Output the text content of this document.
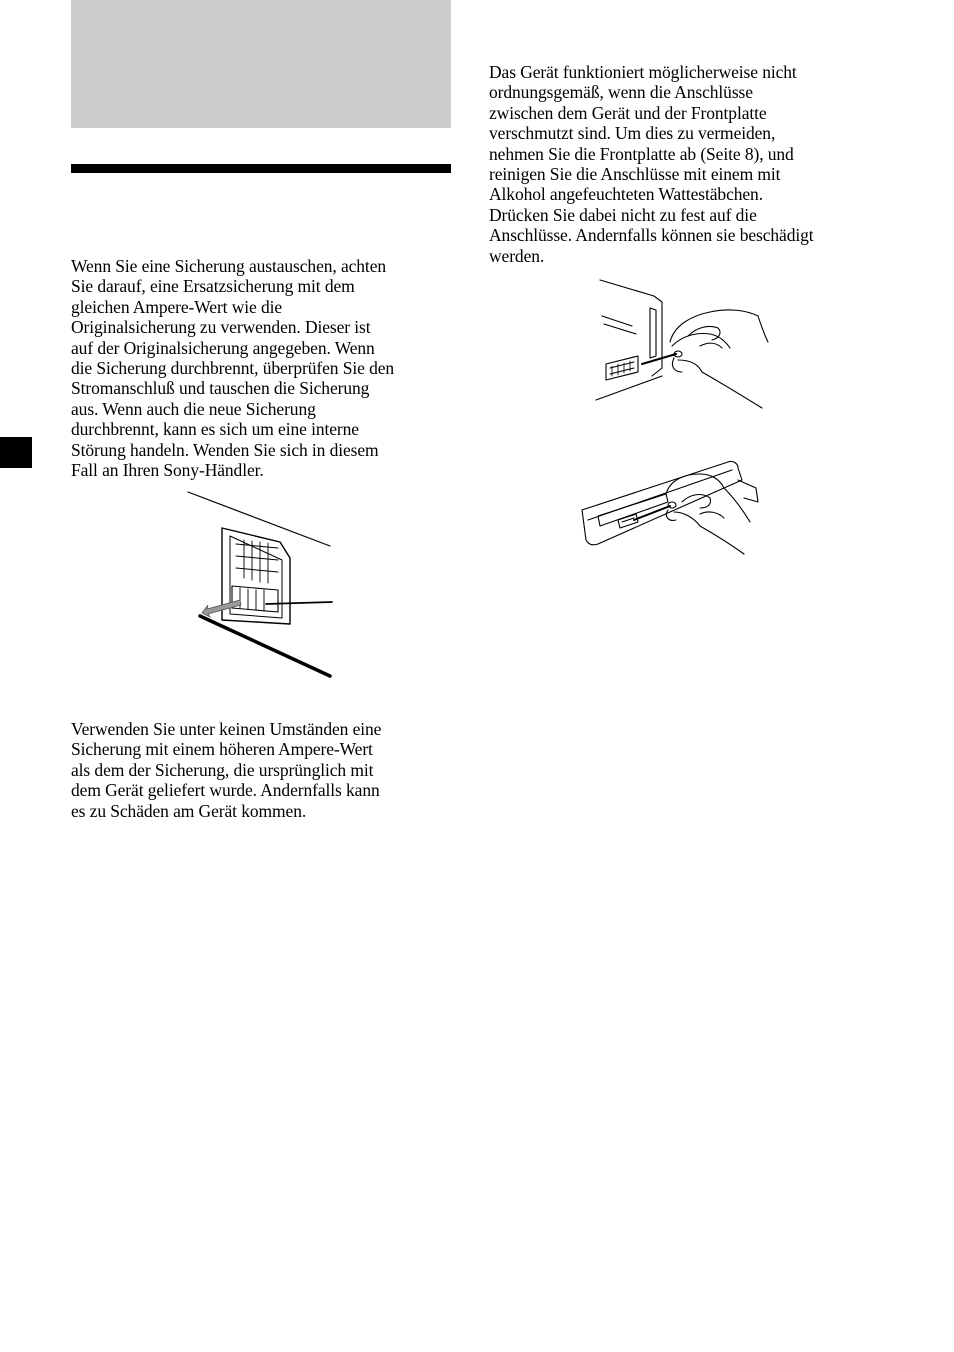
Wenn Sie eine Sicherung austauschen, achten
Sie darauf, eine Ersatzsicherung mit dem
gleichen Ampere-Wert wie die
Originalsicherung zu verwenden. Dieser ist
auf der Originalsicherung angegeben. Wenn
die Sicherung durchbrennt, überprüfen Sie den
Stromanschluß und tauschen die Sicherung
aus. Wenn auch die neue Sicherung
durchbrennt, kann es sich um eine interne
Störung handeln. Wenden Sie sich in diesem
Fall an Ihren Sony-Händler.

Verwenden Sie unter keinen Umständen eine
Sicherung mit einem höheren Ampere-Wert
als dem der Sicherung, die ursprünglich mit
dem Gerät geliefert wurde. Andernfalls kann
es zu Schäden am Gerät kommen.

Das Gerät funktioniert möglicherweise nicht
ordnungsgemäß, wenn die Anschlüsse
zwischen dem Gerät und der Frontplatte
verschmutzt sind. Um dies zu vermeiden,
nehmen Sie die Frontplatte ab (Seite 8), und
reinigen Sie die Anschlüsse mit einem mit
Alkohol angefeuchteten Wattestäbchen.
Drücken Sie dabei nicht zu fest auf die
Anschlüsse. Andernfalls können sie beschädigt
werden.
